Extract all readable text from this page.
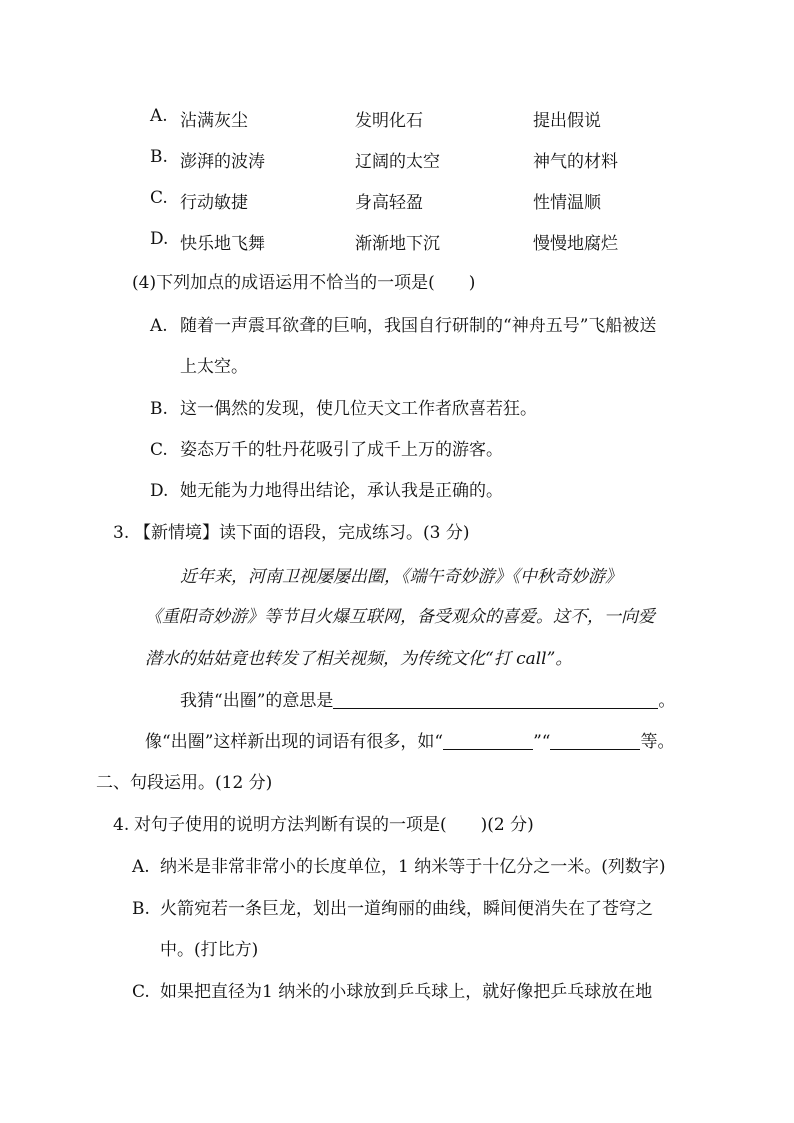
A. 沾满灰尘	发明化石	提出假说
B. 澎湃的波涛	辽阔的太空	神气的材料
C. 行动敏捷	身高轻盈	性情温顺
D. 快乐地飞舞	渐渐地下沉	慢慢地腐烂
(4)下列加点的成语运用不恰当的一项是(　　)
A. 随着一声震耳欲聋的巨响，我国自行研制的“神舟五号”飞船被送
上太空。
B. 这一偶然的发现，使几位天文工作者欣喜若狂。
C. 姿态万千的牡丹花吸引了成千上万的游客。
D. 她无能为力地得出结论，承认我是正确的。
3. 【新情境】读下面的语段，完成练习。(3 分)
近年来，河南卫视屡屡出圈，《端午奇妙游》《中秋奇妙游》
《重阳奇妙游》等节目火爆互联网，备受观众的喜爱。这不，一向爱
潜水的姑姑竟也转发了相关视频，为传统文化“打 call”。
我猜“出圈”的意思是	。
像“出圈”这样新出现的词语有很多，如“	”“	等。
二、句段运用。(12 分)
4. 对句子使用的说明方法判断有误的一项是(　　)(2 分)
A. 纳米是非常非常小的长度单位，1 纳米等于十亿分之一米。(列数字)
B. 火箭宛若一条巨龙，划出一道绚丽的曲线，瞬间便消失在了苍穹之
中。(打比方)
C. 如果把直径为1 纳米的小球放到乒乓球上，就好像把乒乓球放在地
